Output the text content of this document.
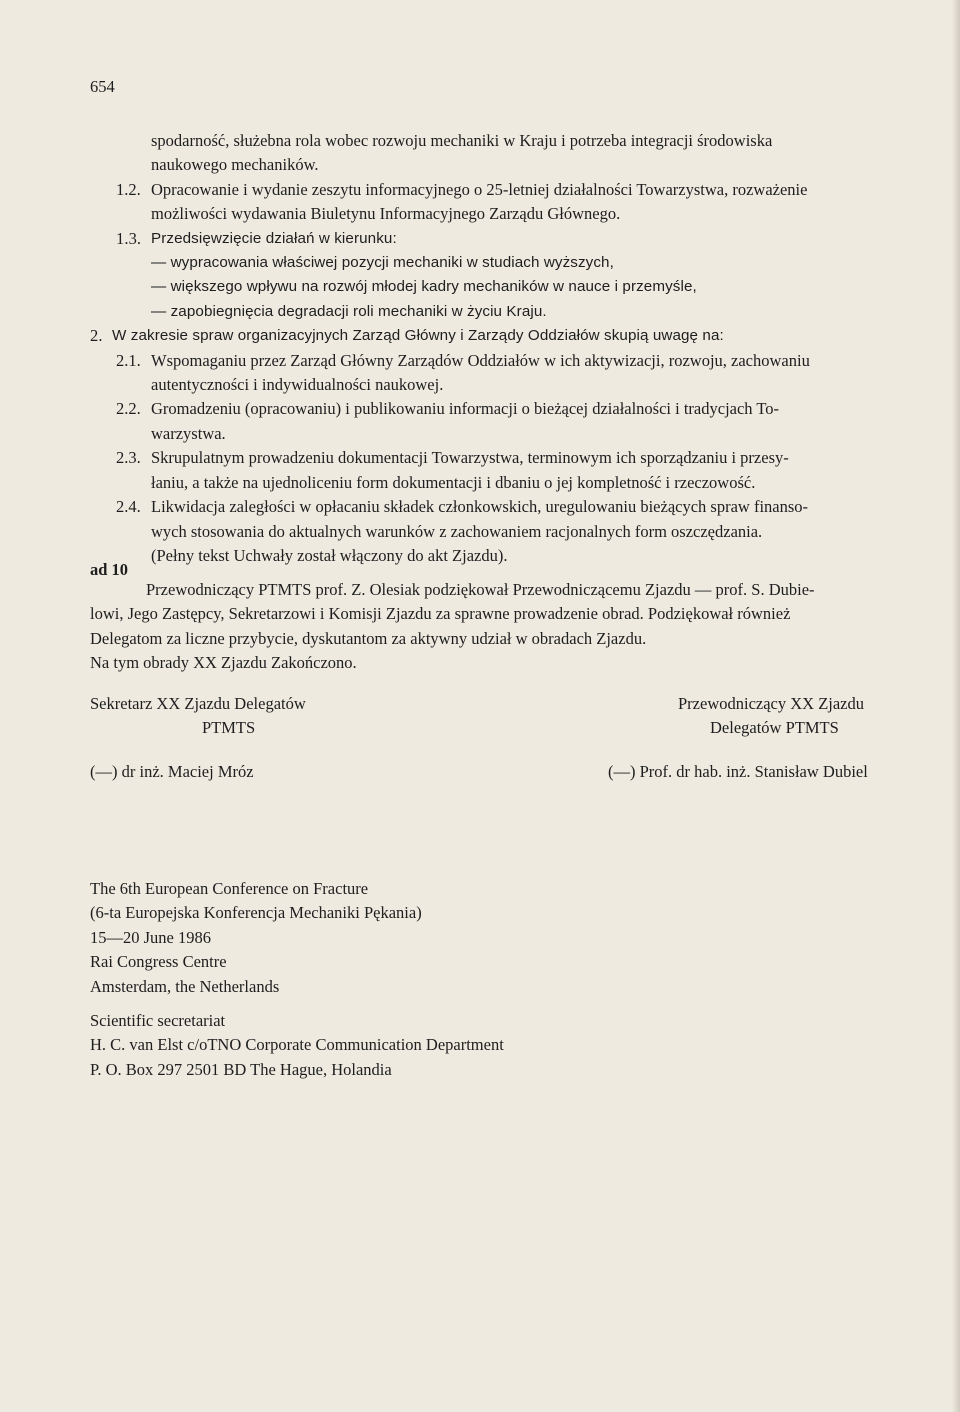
654

spodarność, służebna rola wobec rozwoju mechaniki w Kraju i potrzeba integracji środowiska
naukowego mechaników.

1.2. Opracowanie i wydanie zeszytu informacyjnego o 25-letniej działalności Towarzystwa, rozważenie
możliwości wydawania Biuletynu Informacyjnego Zarządu Głównego.

1.3. Przedsięwzięcie działań w kierunku:

— wypracowania właściwej pozycji mechaniki w studiach wyższych,

— większego wpływu na rozwój młodej kadry mechaników w nauce i przemyśle,

— zapobiegnięcia degradacji roli mechaniki w życiu Kraju.

2. W zakresie spraw organizacyjnych Zarząd Główny i Zarządy Oddziałów skupią uwagę na:

2.1. Wspomaganiu przez Zarząd Główny Zarządów Oddziałów w ich aktywizacji, rozwoju, zachowaniu
autentyczności i indywidualności naukowej.

2.2. Gromadzeniu (opracowaniu) i publikowaniu informacji o bieżącej działalności i tradycjach To-
warzystwa.

2.3. Skrupulatnym prowadzeniu dokumentacji Towarzystwa, terminowym ich sporządzaniu i przesy-
łaniu, a także na ujednoliceniu form dokumentacji i dbaniu o jej kompletność i rzeczowość.

2.4. Likwidacja zaległości w opłacaniu składek członkowskich, uregulowaniu bieżących spraw finanso-
wych stosowania do aktualnych warunków z zachowaniem racjonalnych form oszczędzania.
(Pełny tekst Uchwały został włączony do akt Zjazdu).

ad 10

Przewodniczący PTMTS prof. Z. Olesiak podziękował Przewodniczącemu Zjazdu — prof. S. Dubie-
lowi, Jego Zastępcy, Sekretarzowi i Komisji Zjazdu za sprawne prowadzenie obrad. Podziękował również
Delegatom za liczne przybycie, dyskutantom za aktywny udział w obradach Zjazdu.
Na tym obrady XX Zjazdu Zakończono.

Sekretarz XX Zjazdu Delegatów
PTMTS
Przewodniczący XX Zjazdu
Delegatów PTMTS
(—) dr inż. Maciej Mróz	(—) Prof. dr hab. inż. Stanisław Dubiel

The 6th European Conference on Fracture

(6-ta Europejska Konferencja Mechaniki Pękania)

15—20 June 1986

Rai Congress Centre

Amsterdam, the Netherlands

Scientific secretariat

H. C. van Elst c/oTNO Corporate Communication Department

P. O. Box 297 2501 BD The Hague, Holandia
